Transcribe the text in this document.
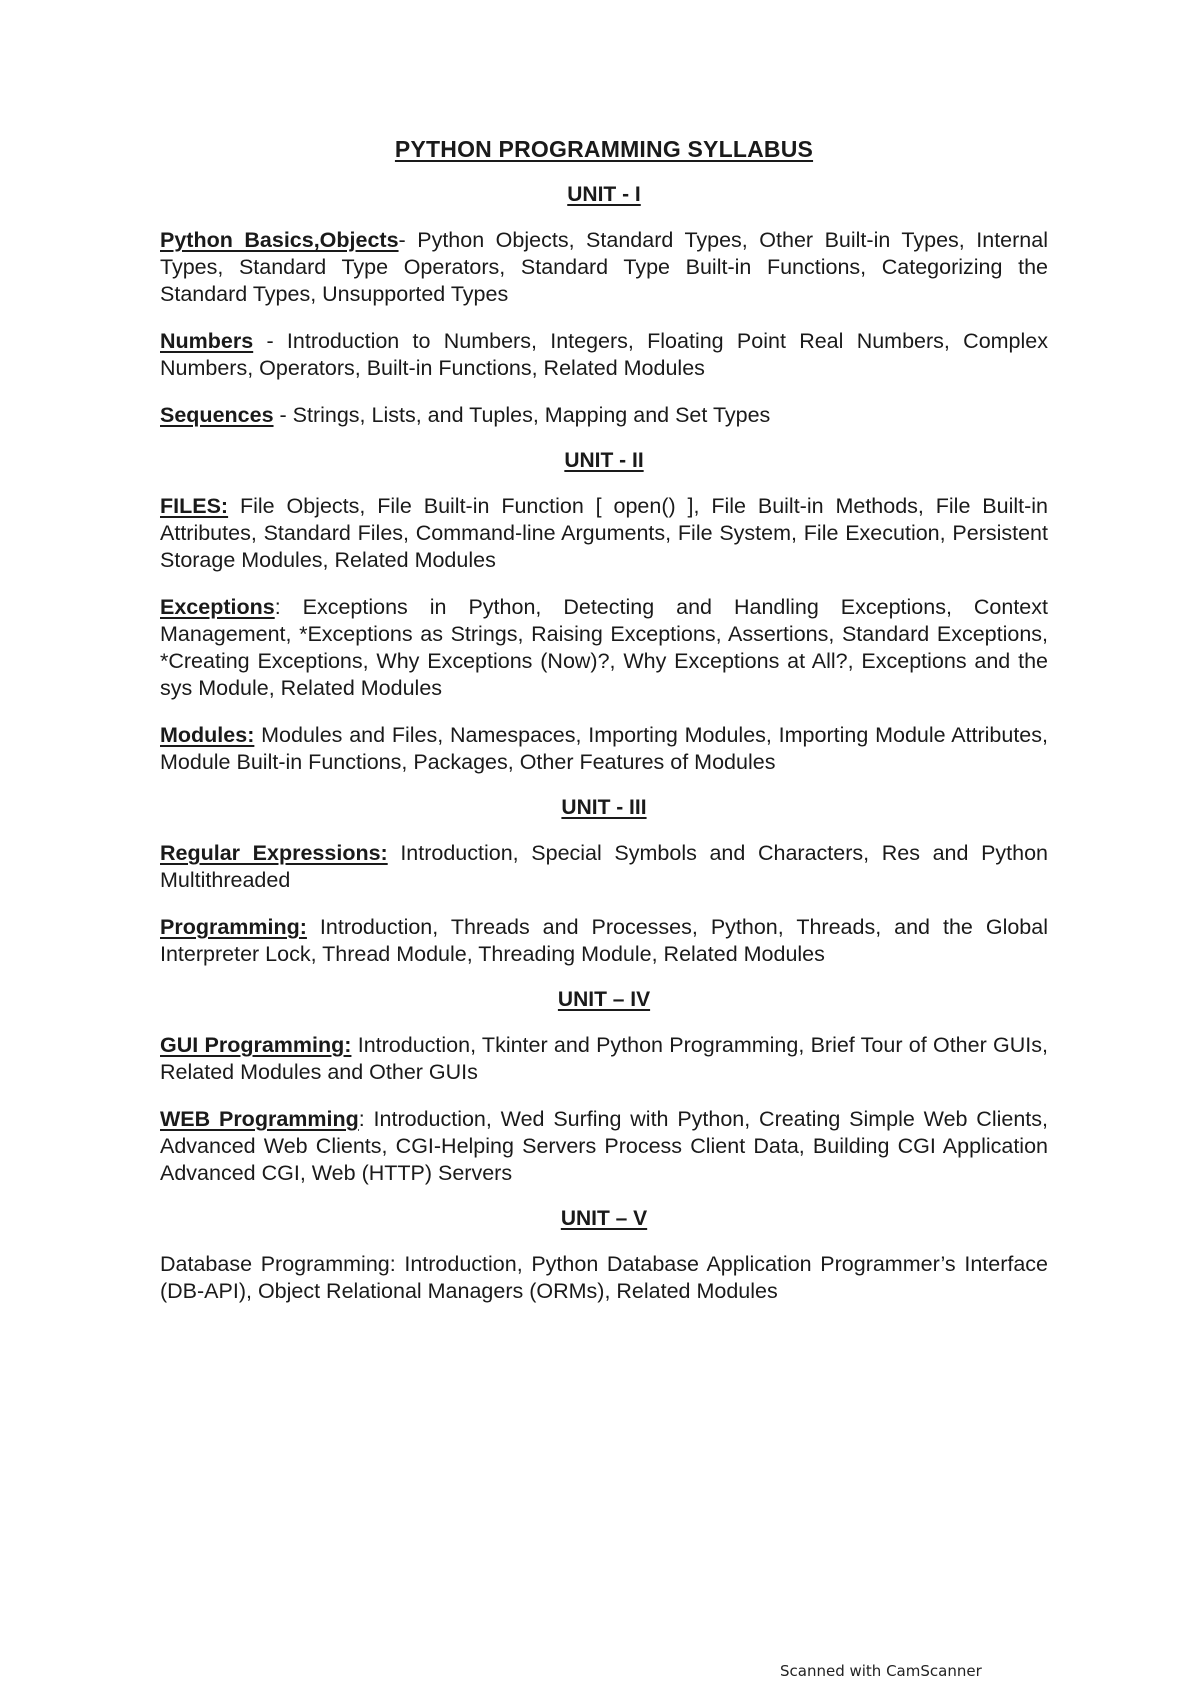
PYTHON PROGRAMMING SYLLABUS
UNIT - I

Python Basics,Objects- Python Objects, Standard Types, Other Built-in Types, Internal Types, Standard Type Operators, Standard Type Built-in Functions, Categorizing the Standard Types, Unsupported Types

Numbers - Introduction to Numbers, Integers, Floating Point Real Numbers, Complex Numbers, Operators, Built-in Functions, Related Modules

Sequences - Strings, Lists, and Tuples, Mapping and Set Types

UNIT - II

FILES: File Objects, File Built-in Function [ open() ], File Built-in Methods, File Built-in Attributes, Standard Files, Command-line Arguments, File System, File Execution, Persistent Storage Modules, Related Modules

Exceptions: Exceptions in Python, Detecting and Handling Exceptions, Context Management, *Exceptions as Strings, Raising Exceptions, Assertions, Standard Exceptions, *Creating Exceptions, Why Exceptions (Now)?, Why Exceptions at All?, Exceptions and the sys Module, Related Modules

Modules: Modules and Files, Namespaces, Importing Modules, Importing Module Attributes, Module Built-in Functions, Packages, Other Features of Modules

UNIT - III

Regular Expressions: Introduction, Special Symbols and Characters, Res and Python Multithreaded

Programming: Introduction, Threads and Processes, Python, Threads, and the Global Interpreter Lock, Thread Module, Threading Module, Related Modules

UNIT – IV

GUI Programming: Introduction, Tkinter and Python Programming, Brief Tour of Other GUIs, Related Modules and Other GUIs

WEB Programming: Introduction, Wed Surfing with Python, Creating Simple Web Clients, Advanced Web Clients, CGI-Helping Servers Process Client Data, Building CGI Application Advanced CGI, Web (HTTP) Servers

UNIT – V

Database Programming: Introduction, Python Database Application Programmer’s Interface (DB-API), Object Relational Managers (ORMs), Related Modules

Scanned with CamScanner
